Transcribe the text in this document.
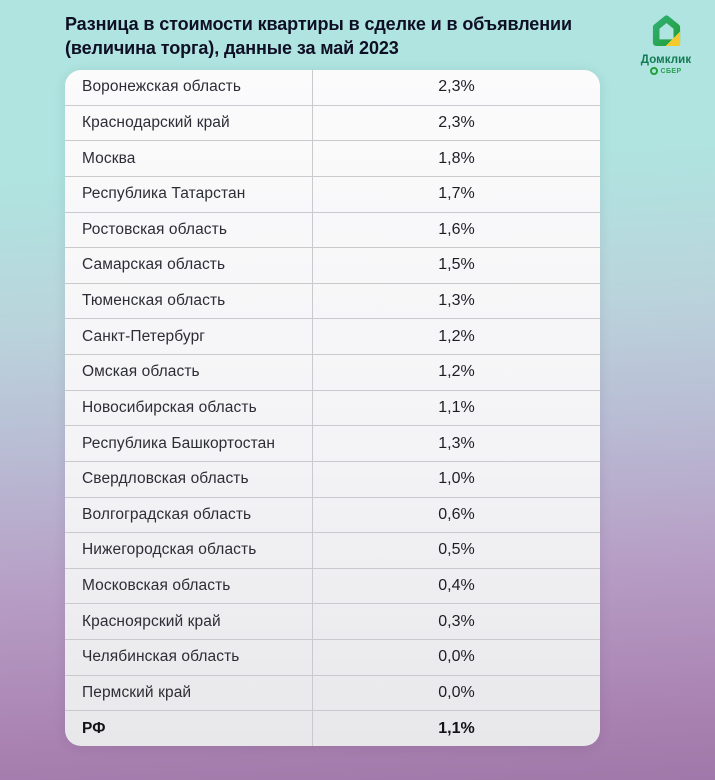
Разница в стоимости квартиры в сделке и в объявлении
(величина торга), данные за май 2023
Домклик
СБЕР
Воронежская область	2,3%
Краснодарский край	2,3%
Москва	1,8%
Республика Татарстан	1,7%
Ростовская область	1,6%
Самарская область	1,5%
Тюменская область	1,3%
Санкт-Петербург	1,2%
Омская область	1,2%
Новосибирская область	1,1%
Республика Башкортостан	1,3%
Свердловская область	1,0%
Волгоградская область	0,6%
Нижегородская область	0,5%
Московская область	0,4%
Красноярский край	0,3%
Челябинская область	0,0%
Пермский край	0,0%
РФ	1,1%
